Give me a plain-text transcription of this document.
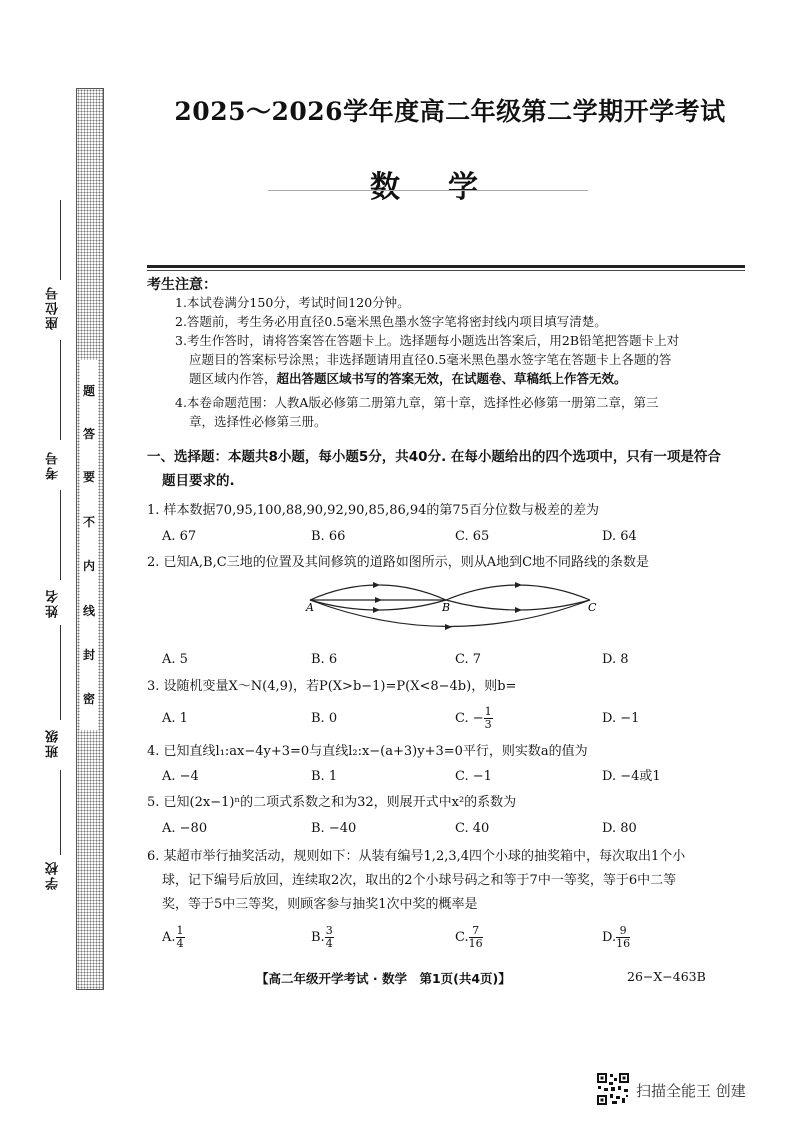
题
答
要
不
内
线
封
密
座位号
考号
姓名
班级
学校
2025～2026学年度高二年级第二学期开学考试
数学
考生注意：
1.本试卷满分150分，考试时间120分钟。
2.答题前，考生务必用直径0.5毫米黑色墨水签字笔将密封线内项目填写清楚。
3.考生作答时，请将答案答在答题卡上。选择题每小题选出答案后，用2B铅笔把答题卡上对
应题目的答案标号涂黑；非选择题请用直径0.5毫米黑色墨水签字笔在答题卡上各题的答
题区域内作答，超出答题区域书写的答案无效，在试题卷、草稿纸上作答无效。
4.本卷命题范围：人教A版必修第二册第九章，第十章，选择性必修第一册第二章，第三
章，选择性必修第三册。
一、选择题：本题共8小题，每小题5分，共40分. 在每小题给出的四个选项中，只有一项是符合
题目要求的.
1. 样本数据70,95,100,88,90,92,90,85,86,94的第75百分位数与极差的差为
A. 67	B. 66	C. 65	D. 64
2. 已知A,B,C三地的位置及其间修筑的道路如图所示，则从A地到C地不同路线的条数是
A	B	C
A. 5	B. 6	C. 7	D. 8
3. 设随机变量X～N(4,9)，若P(X>b−1)=P(X<8−4b)，则b=
A. 1	B. 0	C. − $\frac{1}{3}$	D. −1
4. 已知直线l₁:ax−4y+3=0与直线l₂:x−(a+3)y+3=0平行，则实数a的值为
A. −4	B. 1	C. −1	D. −4或1
5. 已知(2x−1)ⁿ的二项式系数之和为32，则展开式中x²的系数为
A. −80	B. −40	C. 40	D. 80
6. 某超市举行抽奖活动，规则如下：从装有编号1,2,3,4四个小球的抽奖箱中，每次取出1个小
球，记下编号后放回，连续取2次，取出的2个小球号码之和等于7中一等奖，等于6中二等
奖，等于5中三等奖，则顾客参与抽奖1次中奖的概率是
A. $\frac{1}{4}$	B. $\frac{3}{4}$	C. $\frac{7}{16}$	D. $\frac{9}{16}$
【高二年级开学考试 · 数学　第1页(共4页)】	26−X−463B
扫描全能王 创建
